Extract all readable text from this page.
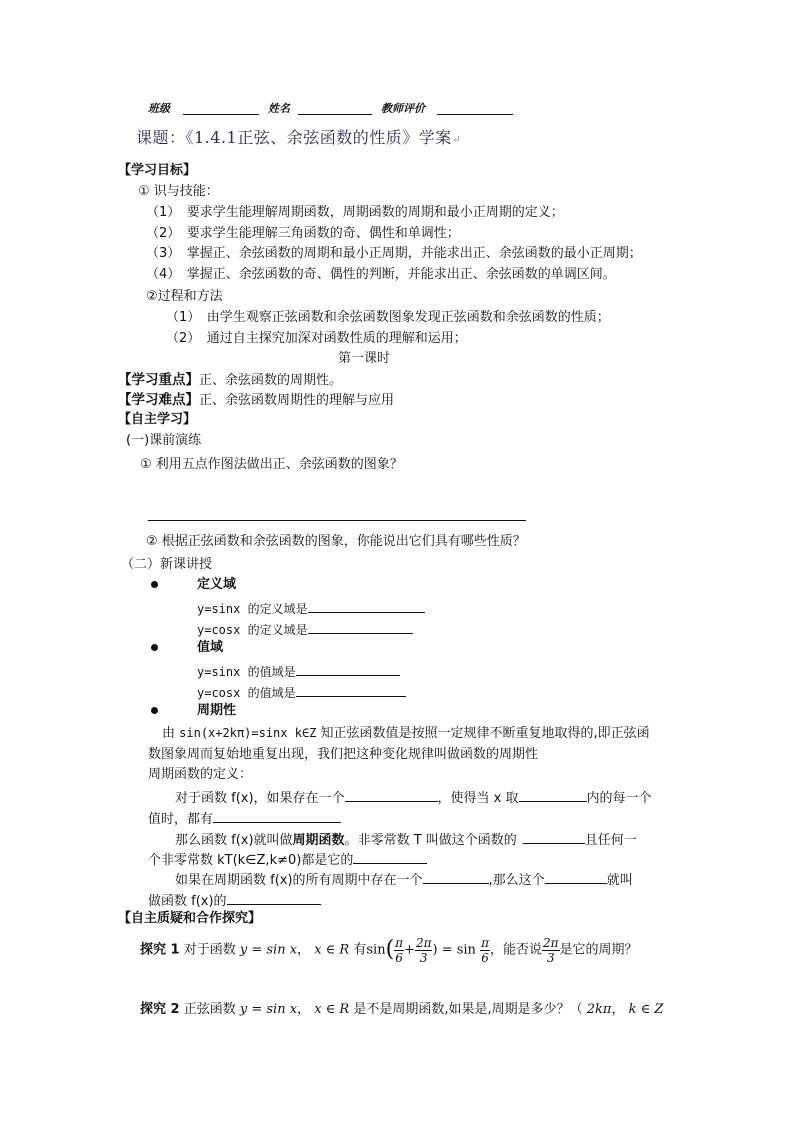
班级	姓名	教师评价
课题：《1.4.1正弦、余弦函数的性质》学案↵
【学习目标】
① 识与技能：
（1）　要求学生能理解周期函数，周期函数的周期和最小正周期的定义；
（2）　要求学生能理解三角函数的奇、偶性和单调性；
（3）　掌握正、余弦函数的周期和最小正周期，并能求出正、余弦函数的最小正周期；
（4）　掌握正、余弦函数的奇、偶性的判断，并能求出正、余弦函数的单调区间。
②过程和方法
（1）　由学生观察正弦函数和余弦函数图象发现正弦函数和余弦函数的性质；
（2）　通过自主探究加深对函数性质的理解和运用；
第一课时
【学习重点】正、余弦函数的周期性。
【学习难点】正、余弦函数周期性的理解与应用
【自主学习】
(一)课前演练
① 利用五点作图法做出正、余弦函数的图象？
② 根据正弦函数和余弦函数的图象，你能说出它们具有哪些性质？
（二）新课讲授
定义域
y=sinx 的定义域是
y=cosx 的定义域是
值域
y=sinx 的值域是
y=cosx 的值域是
周期性
由 sin(x+2kπ)=sinx k∈Z 知正弦函数值是按照一定规律不断重复地取得的,即正弦函
数图象周而复始地重复出现，我们把这种变化规律叫做函数的周期性
周期函数的定义：
对于函数 f(x)，如果存在一个	，使得当 x 取	内的每一个
值时，都有
那么函数 f(x)就叫做周期函数。非零常数 T 叫做这个函数的	且任何一
个非零常数 kT(k∈Z,k≠0)都是它的
如果在周期函数 f(x)的所有周期中存在一个	,那么这个	就叫
做函数 f(x)的
【自主质疑和合作探究】
探究 1 对于函数 y = sin x， x ∈ R 有$\sin( \frac{\pi}{6} + \frac{2\pi}{3}$ ) = $\sin \frac{\pi}{6}$ ，能否说 $\frac{2\pi}{3}$ 是它的周期？
探究 2 正弦函数 y = sin x， x ∈ R 是不是周期函数,如果是,周期是多少？（ 2kπ， k ∈ Z
